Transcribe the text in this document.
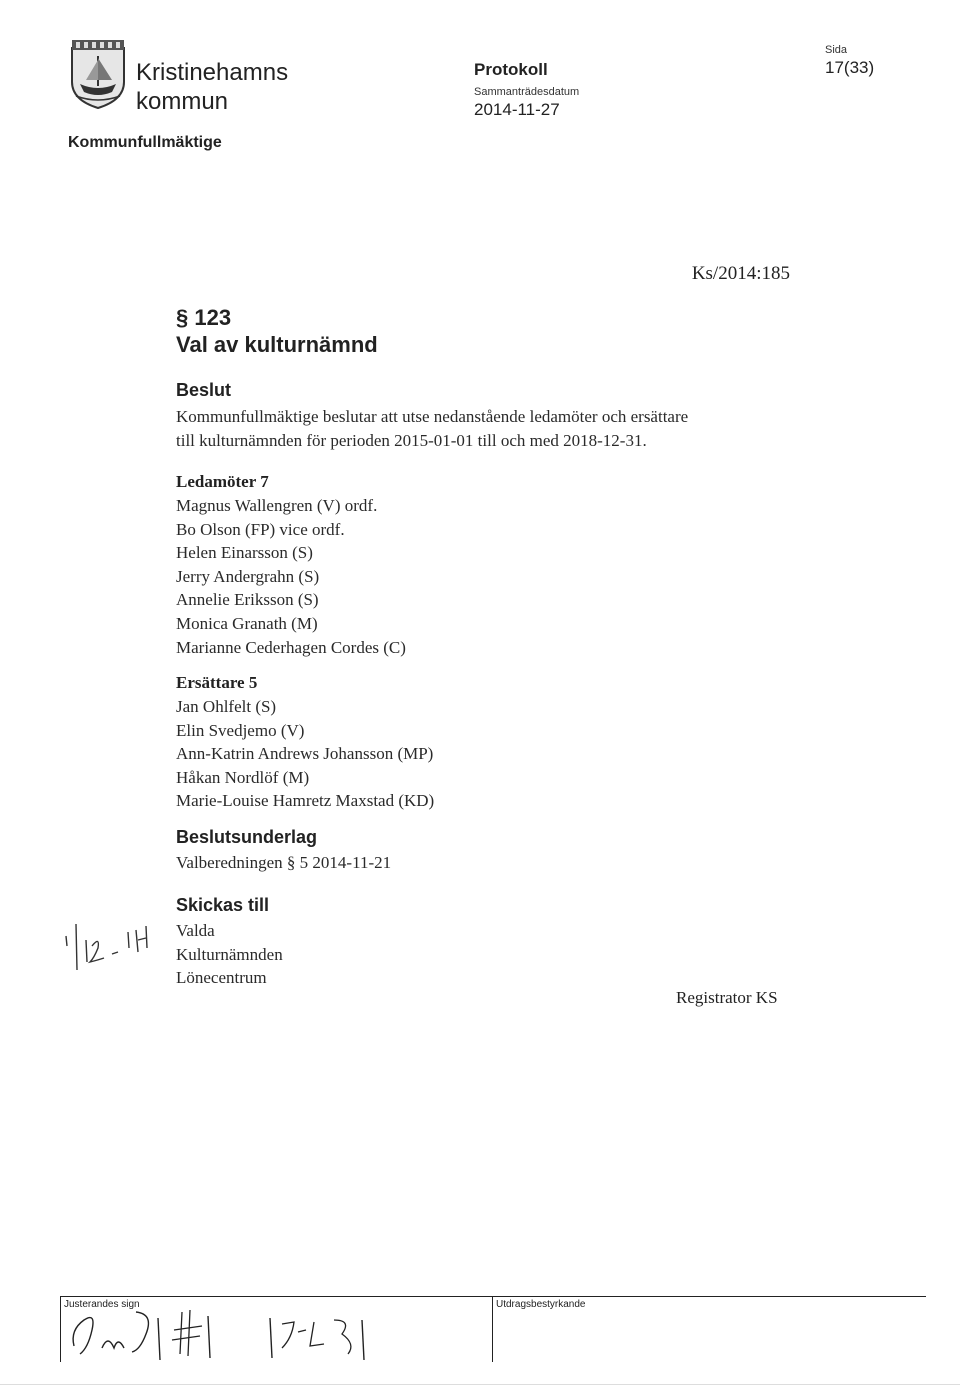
Kristinehamns
kommun
Kommunfullmäktige
Protokoll
Sammanträdesdatum
2014-11-27
Sida
17(33)
Ks/2014:185
§ 123
Val av kulturnämnd
Beslut
Kommunfullmäktige beslutar att utse nedanstående ledamöter och ersättare
till kulturnämnden för perioden 2015-01-01 till och med 2018-12-31.
Ledamöter 7
Magnus Wallengren (V) ordf.
Bo Olson (FP) vice ordf.
Helen Einarsson (S)
Jerry Andergrahn (S)
Annelie Eriksson (S)
Monica Granath (M)
Marianne Cederhagen Cordes (C)
Ersättare 5
Jan Ohlfelt (S)
Elin Svedjemo (V)
Ann-Katrin Andrews Johansson (MP)
Håkan Nordlöf (M)
Marie-Louise Hamretz Maxstad (KD)
Beslutsunderlag
Valberedningen § 5 2014-11-21
Skickas till
Valda
Kulturnämnden
Lönecentrum
Registrator KS
Justerandes sign	Utdragsbestyrkande
